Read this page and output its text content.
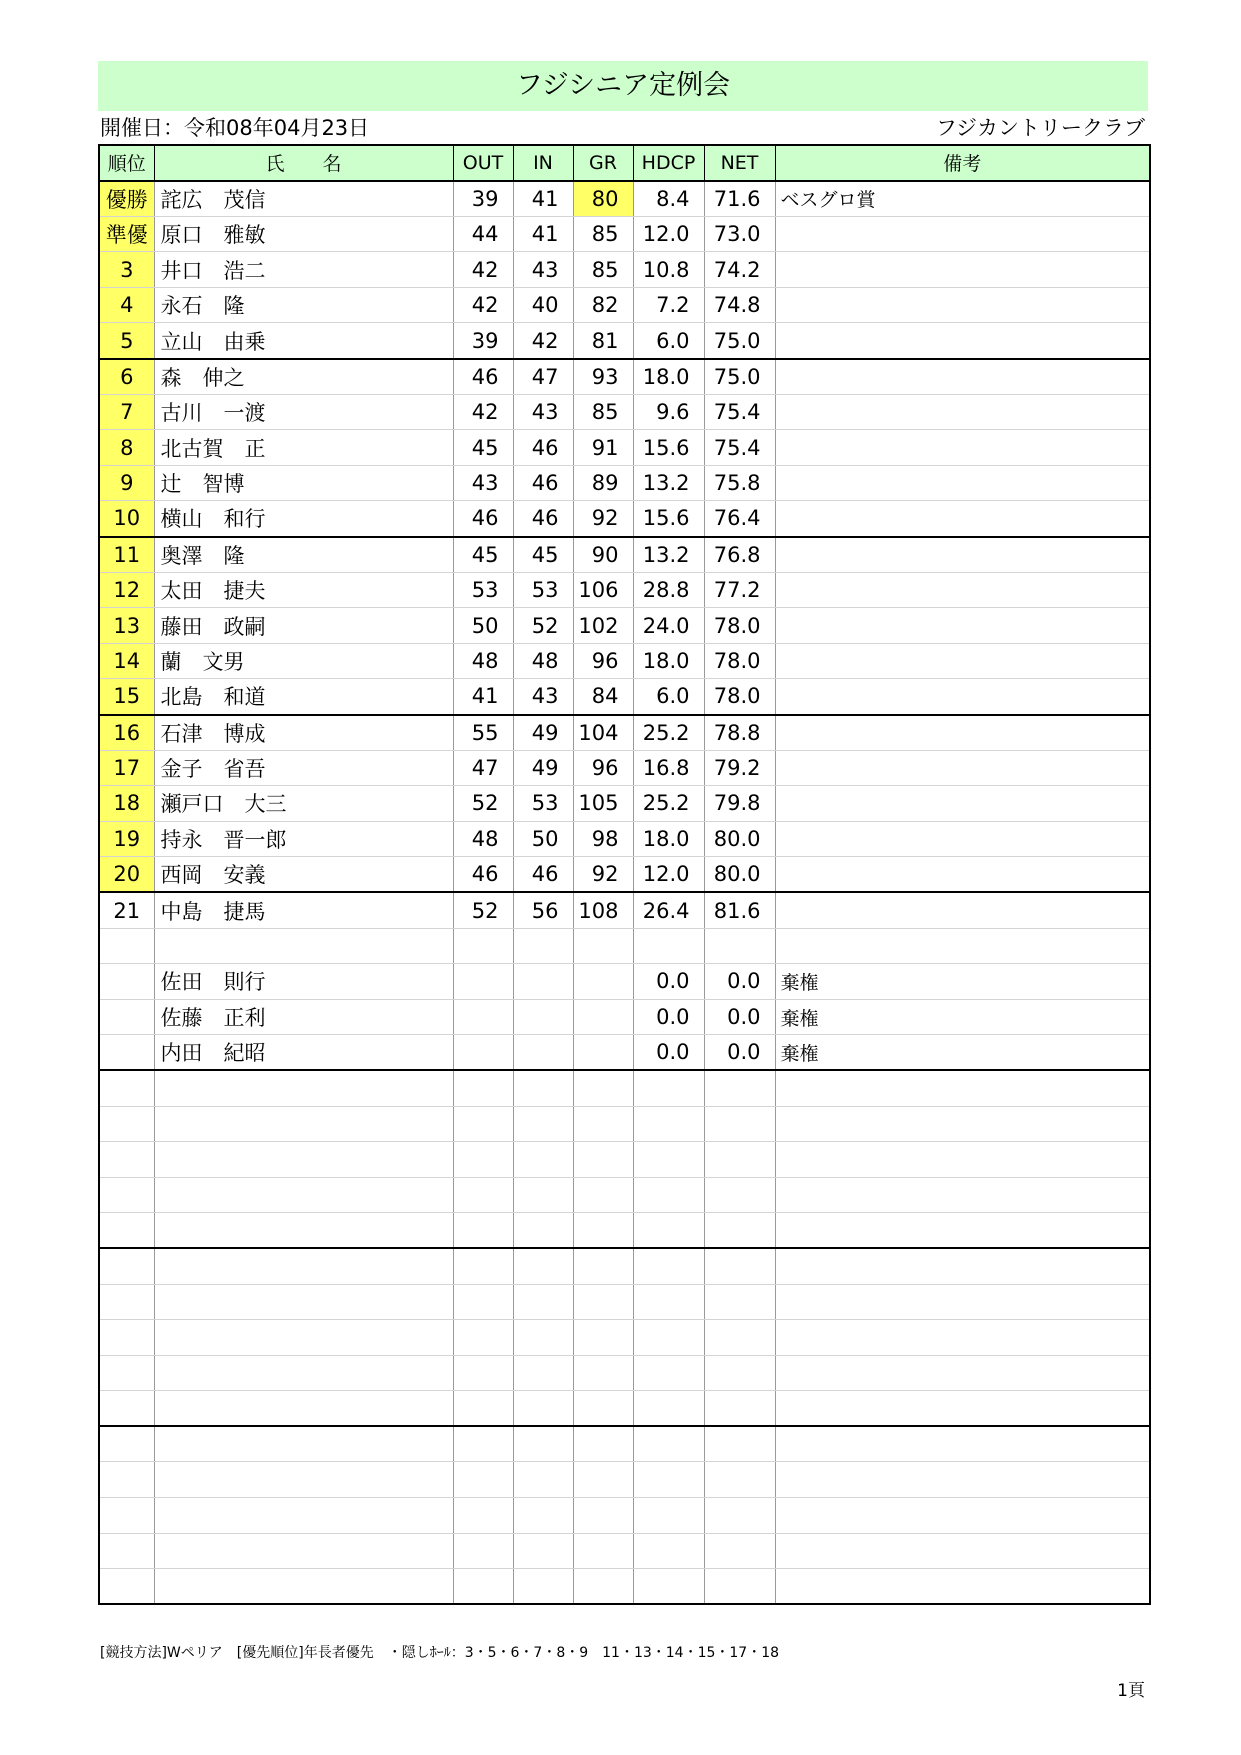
フジシニア定例会
開催日：令和08年04月23日	フジカントリークラブ
順位	氏　　名	OUT	IN	GR	HDCP	NET	備考
優勝	詫広　茂信	39	41	80	8.4	71.6	ベスグロ賞
準優	原口　雅敏	44	41	85	12.0	73.0	
3	井口　浩二	42	43	85	10.8	74.2	
4	永石　隆	42	40	82	7.2	74.8	
5	立山　由乗	39	42	81	6.0	75.0	
6	森　伸之	46	47	93	18.0	75.0	
7	古川　一渡	42	43	85	9.6	75.4	
8	北古賀　正	45	46	91	15.6	75.4	
9	辻　智博	43	46	89	13.2	75.8	
10	横山　和行	46	46	92	15.6	76.4	
11	奥澤　隆	45	45	90	13.2	76.8	
12	太田　捷夫	53	53	106	28.8	77.2	
13	藤田　政嗣	50	52	102	24.0	78.0	
14	蘭　文男	48	48	96	18.0	78.0	
15	北島　和道	41	43	84	6.0	78.0	
16	石津　博成	55	49	104	25.2	78.8	
17	金子　省吾	47	49	96	16.8	79.2	
18	瀬戸口　大三	52	53	105	25.2	79.8	
19	持永　晋一郎	48	50	98	18.0	80.0	
20	西岡　安義	46	46	92	12.0	80.0	
21	中島　捷馬	52	56	108	26.4	81.6	

	佐田　則行				0.0	0.0	棄権
	佐藤　正利				0.0	0.0	棄権
	内田　紀昭				0.0	0.0	棄権

[競技方法]Wペリア　[優先順位]年長者優先　・隠しﾎｰﾙ：3・5・6・7・8・9　11・13・14・15・17・18
1頁
